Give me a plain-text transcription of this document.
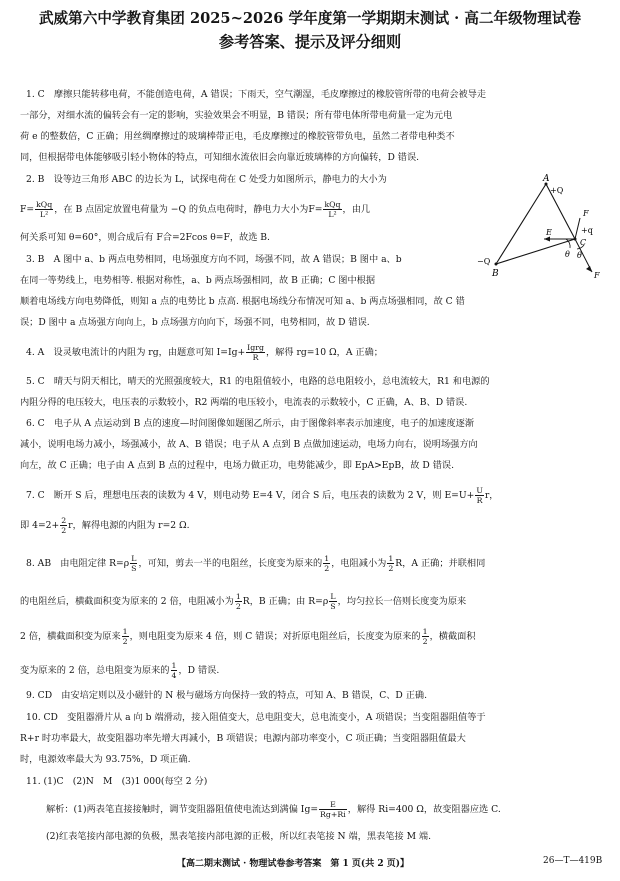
武威第六中学教育集团 2025~2026 学年度第一学期期末测试 · 高二年级物理试卷
参考答案、提示及评分细则
1. C　摩擦只能转移电荷，不能创造电荷，A 错误；下雨天，空气潮湿，毛皮摩擦过的橡胶管所带的电荷会被导走
一部分，对细水流的偏转会有一定的影响，实验效果会不明显，B 错误；所有带电体所带电荷量一定为元电
荷 e 的整数倍，C 正确；用丝绸摩擦过的玻璃棒带正电，毛皮摩擦过的橡胶管带负电，虽然二者带电种类不
同，但根据带电体能够吸引轻小物体的特点，可知细水流依旧会向靠近玻璃棒的方向偏转，D 错误.
2. B　设等边三角形 ABC 的边长为 L，试探电荷在 C 处受力如图所示，静电力的大小为
$F= \frac{\text{kQq}}{\text{L²}}$ ，在 B 点固定放置电荷量为 −Q 的负点电荷时，静电力大小为$F= \frac{\text{kQq}}{\text{L²}}$ ，由几
何关系可知 θ=60°，则合成后有 F合=2Fcos θ=F，故选 B.
A
+Q
−Q
B
E	+q
C
θ θ
F
F
3. B　A 图中 a、b 两点电势相同，电场强度方向不同，场强不同，故 A 错误；B 图中 a、b
在同一等势线上，电势相等. 根据对称性，a、b 两点场强相同，故 B 正确；C 图中根据
顺着电场线方向电势降低，则知 a 点的电势比 b 点高. 根据电场线分布情况可知 a、b 两点场强相同，故 C 错
误；D 图中 a 点场强方向向上，b 点场强方向向下，场强不同，电势相同，故 D 错误.
4. A　设灵敏电流计的内阻为 rg，由题意可知 $I=Ig+ \frac{\text{Igrg}}{R}$ ，解得 rg=10 Ω，A 正确；
5. C　晴天与阴天相比，晴天的光照强度较大，R1 的电阻值较小，电路的总电阻较小，总电流较大，R1 和电源的
内阻分得的电压较大，电压表的示数较小，R2 两端的电压较小，电流表的示数较小，C 正确，A、B、D 错误.
6. C　电子从 A 点运动到 B 点的速度—时间图像如题图乙所示，由于图像斜率表示加速度，电子的加速度逐渐
减小，说明电场力减小，场强减小，故 A、B 错误；电子从 A 点到 B 点做加速运动，电场力向右，说明场强方向
向左，故 C 正确；电子由 A 点到 B 点的过程中，电场力做正功，电势能减少，即 EpA>EpB，故 D 错误.
7. C　断开 S 后，理想电压表的读数为 4 V，则电动势 E=4 V，闭合 S 后，电压表的读数为 2 V，则 $E=U+ \frac{U}{R}$ r，
即 $4=2+ \frac{2}{2}$ r，解得电源的内阻为 r=2 Ω.
8. AB　由电阻定律 $R=\rho \frac{L}{S}$ ，可知，剪去一半的电阻丝，长度变为原来的 $\frac{1}{2}$ ，电阻减小为 $\frac{1}{2}$ R，A 正确；并联相同
的电阻丝后，横截面积变为原来的 2 倍，电阻减小为 $\frac{1}{2}$ R，B 正确；由 $R=\rho \frac{L}{S}$ ，均匀拉长一倍则长度变为原来
2 倍，横截面积变为原来 $\frac{1}{2}$ ，则电阻变为原来 4 倍，则 C 错误；对折原电阻丝后，长度变为原来的 $\frac{1}{2}$ ，横截面积
变为原来的 2 倍，总电阻变为原来的 $\frac{1}{4}$ ，D 错误.
9. CD　由安培定则以及小磁针的 N 极与磁场方向保持一致的特点，可知 A、B 错误，C、D 正确.
10. CD　变阻器滑片从 a 向 b 端滑动，接入阻值变大，总电阻变大，总电流变小，A 项错误；当变阻器阻值等于
R+r 时功率最大，故变阻器功率先增大再减小，B 项错误；电源内部功率变小，C 项正确；当变阻器阻值最大
时，电源效率最大为 93.75%，D 项正确.
11. (1)C　(2)N　M　(3)1 000(每空 2 分)
解析：(1)两表笔直接接触时，调节变阻器阻值使电流达到满偏 $Ig= \frac{E}{Rg+Ri}$ ，解得 Ri=400 Ω，故变阻器应选 C.
(2)红表笔接内部电源的负极，黑表笔接内部电源的正极，所以红表笔接 N 端，黑表笔接 M 端.
【高二期末测试 · 物理试卷参考答案　第 1 页(共 2 页)】	26—T—419B
